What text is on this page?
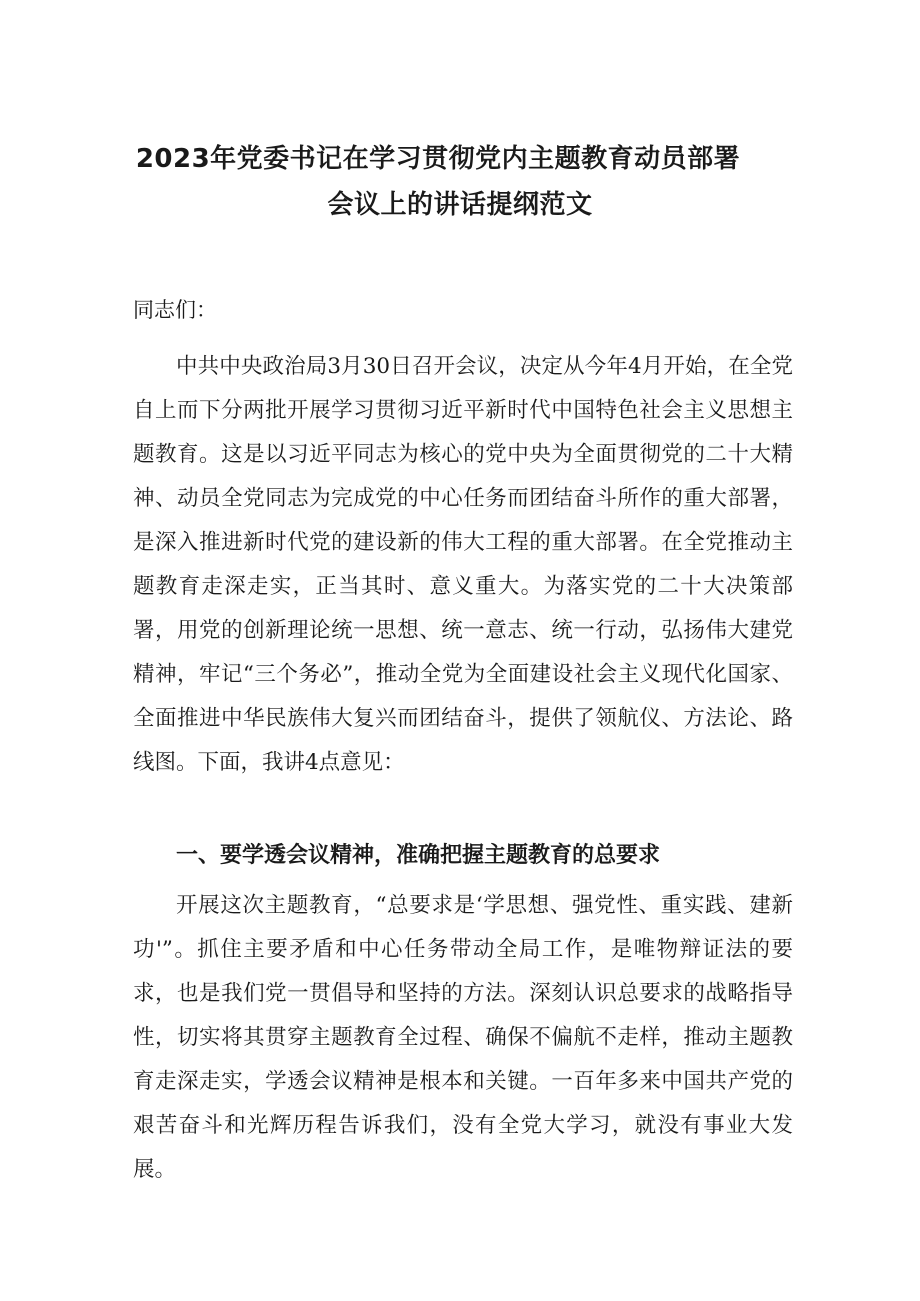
2023年党委书记在学习贯彻党内主题教育动员部署
会议上的讲话提纲范文
同志们：

中共中央政治局3月30日召开会议，决定从今年4月开始，在全党自上而下分两批开展学习贯彻习近平新时代中国特色社会主义思想主题教育。这是以习近平同志为核心的党中央为全面贯彻党的二十大精神、动员全党同志为完成党的中心任务而团结奋斗所作的重大部署，是深入推进新时代党的建设新的伟大工程的重大部署。在全党推动主题教育走深走实，正当其时、意义重大。为落实党的二十大决策部署，用党的创新理论统一思想、统一意志、统一行动，弘扬伟大建党精神，牢记“三个务必”，推动全党为全面建设社会主义现代化国家、全面推进中华民族伟大复兴而团结奋斗，提供了领航仪、方法论、路线图。下面，我讲4点意见：

一、要学透会议精神，准确把握主题教育的总要求

开展这次主题教育，“总要求是‘学思想、强党性、重实践、建新功'”。抓住主要矛盾和中心任务带动全局工作，是唯物辩证法的要求，也是我们党一贯倡导和坚持的方法。深刻认识总要求的战略指导性，切实将其贯穿主题教育全过程、确保不偏航不走样，推动主题教育走深走实，学透会议精神是根本和关键。一百年多来中国共产党的艰苦奋斗和光辉历程告诉我们，没有全党大学习，就没有事业大发展。
